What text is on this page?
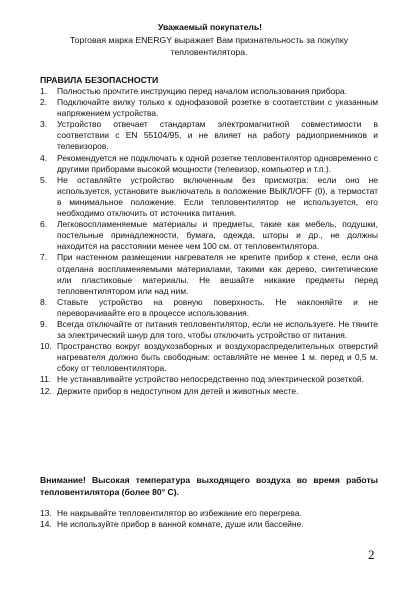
Уважаемый покупатель!
Торговая марка ENERGY выражает Вам признательность за покупку тепловентилятора.
ПРАВИЛА БЕЗОПАСНОСТИ
1.	Полностью прочтите инструкцию перед началом использования прибора.
2.	Подключайте вилку только к однофазовой розетке в соответствии с указанным напряжением устройства.
3.	Устройство отвечает стандартам электромагнитной совместимости в соответствии с EN 55104/95, и не влияет на работу радиоприемников и телевизоров.
4.	Рекомендуется не подключать к одной розетке тепловентилятор одновременно с другими приборами высокой мощности (телевизор, компьютер и т.п.).
5.	Не оставляйте устройство включенным без присмотра: если оно не используется, установите выключатель в положение ВЫКЛ/OFF (0), а термостат в минимальное положение. Если тепловентилятор не используется, его необходимо отключить от источника питания.
6.	Легковоспламеняемые материалы и предметы, такие как мебель, подушки, постельные принадлежности, бумага, одежда, шторы и др., не должны находится на расстоянии менее чем 100 см. от тепловентилятора.
7.	При настенном размещении нагревателя не крепите прибор к стене, если она отделана воспламеняемыми материалами, такими как дерево, синтетические или пластиковые материалы. Не вешайте никакие предметы перед тепловентилятором или над ним.
8.	Ставьте устройство на ровную поверхность. Не наклоняйте и не переворачивайте его в процессе использования.
9.	Всегда отключайте от питания тепловентилятор, если не используете. Не тяните за электрический шнур для того, чтобы отключить устройство от питания.
10. Пространство вокруг воздухозаборных и воздухораспределительных отверстий нагревателя должно быть свободным: оставляйте не менее 1 м. перед и 0,5 м. сбоку от тепловентилятора.
11. Не устанавливайте устройство непосредственно под электрической розеткой.
12. Держите прибор в недоступном для детей и животных месте.
Внимание! Высокая температура выходящего воздуха во время работы тепловентилятора (более 80° С).
13. Не накрывайте тепловентилятор во избежание его перегрева.
14. Не используйте прибор в ванной комнате, душе или бассейне.
2
